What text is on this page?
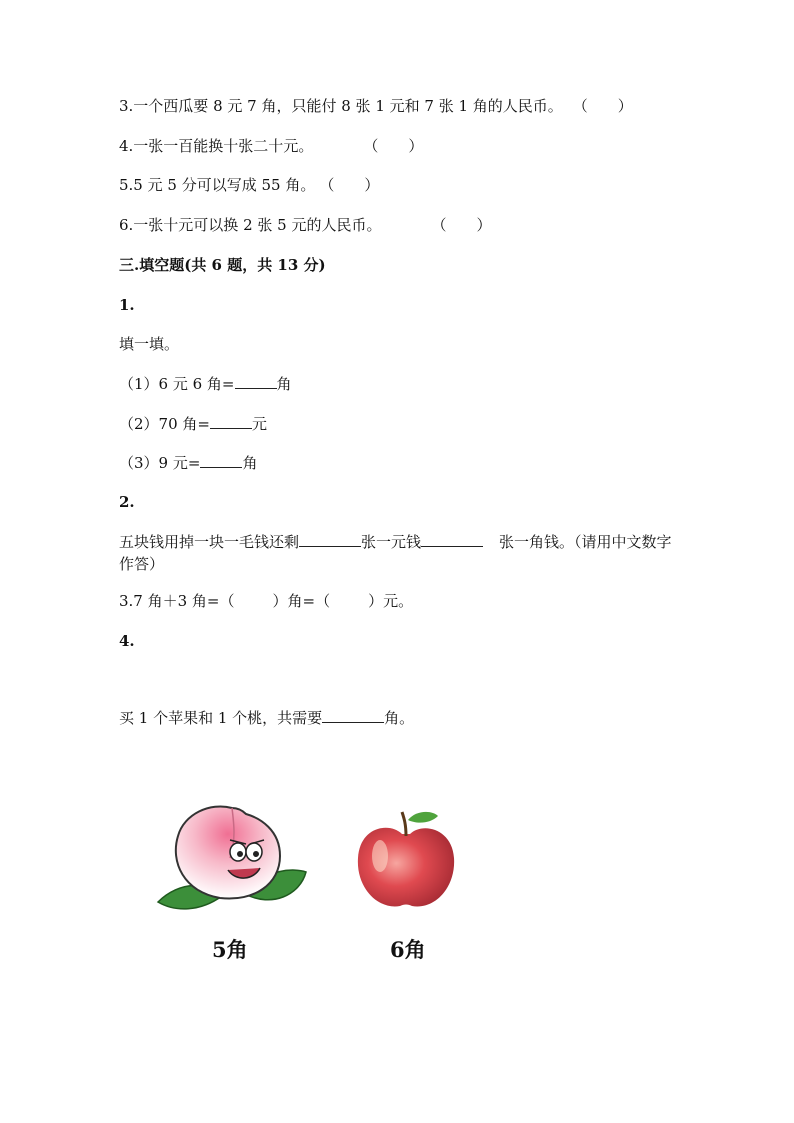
3.一个西瓜要 8 元 7 角，只能付 8 张 1 元和 7 张 1 角的人民币。 （　　）
4.一张一百能换十张二十元。	（　　）
5.5 元 5 分可以写成 55 角。 （　　）
6.一张十元可以换 2 张 5 元的人民币。	（　　）
三.填空题(共 6 题，共 13 分)
1.
填一填。
（1）6 元 6 角=	角
（2）70 角=	元
（3）9 元=	角
2.
五块钱用掉一块一毛钱还剩	张一元钱	张一角钱。（请用中文数字作答）
3.7 角＋3 角=（	）角=（	）元。
4.
买 1 个苹果和 1 个桃，共需要	角。
5角	6角
